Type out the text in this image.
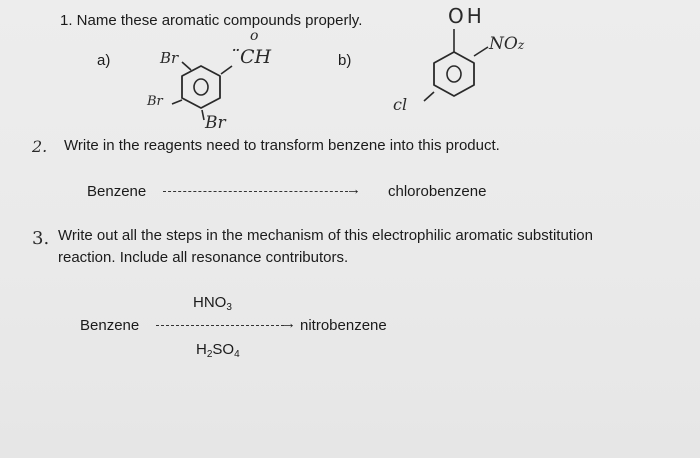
1. Name these aromatic compounds properly.
a)	b)
o
̈CH
Br
Br
Br
OH
NOz
cl
2. Write in the reagents need to transform benzene into this product.
Benzene	→ chlorobenzene
3. Write out all the steps in the mechanism of this electrophilic aromatic substitution
reaction. Include all resonance contributors.
$HNO_3$
Benzene	→ nitrobenzene
$H_2SO_4$
